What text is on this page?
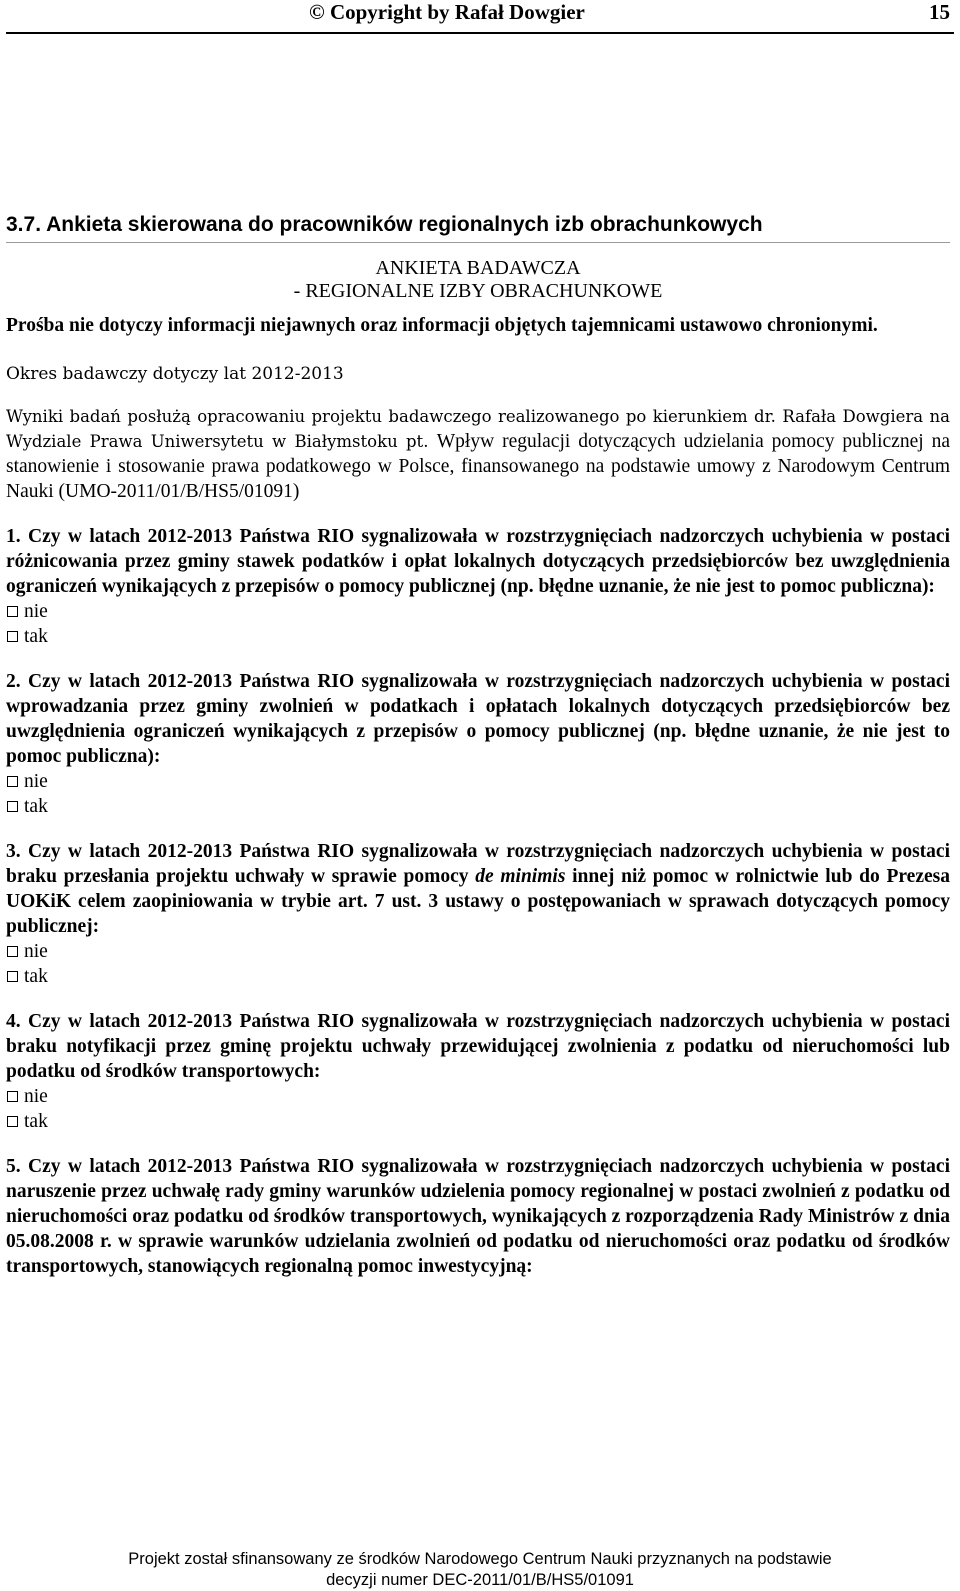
© Copyright by Rafał Dowgier	15
3.7. Ankieta skierowana do pracowników regionalnych izb obrachunkowych
ANKIETA BADAWCZA
- REGIONALNE IZBY OBRACHUNKOWE

Prośba nie dotyczy informacji niejawnych oraz informacji objętych tajemnicami ustawowo chronionymi.

Okres badawczy dotyczy lat 2012-2013

Wyniki badań posłużą opracowaniu projektu badawczego realizowanego po kierunkiem dr. Rafała Dowgiera na Wydziale Prawa Uniwersytetu w Białymstoku pt. Wpływ regulacji dotyczących udzielania pomocy publicznej na stanowienie i stosowanie prawa podatkowego w Polsce, finansowanego na podstawie umowy z Narodowym Centrum Nauki (UMO-2011/01/B/HS5/01091)

1. Czy w latach 2012-2013 Państwa RIO sygnalizowała w rozstrzygnięciach nadzorczych uchybienia w postaci różnicowania przez gminy stawek podatków i opłat lokalnych dotyczących przedsiębiorców bez uwzględnienia ograniczeń wynikających z przepisów o pomocy publicznej (np. błędne uznanie, że nie jest to pomoc publiczna):

nie
tak

2. Czy w latach 2012-2013 Państwa RIO sygnalizowała w rozstrzygnięciach nadzorczych uchybienia w postaci wprowadzania przez gminy zwolnień w podatkach i opłatach lokalnych dotyczących przedsiębiorców bez uwzględnienia ograniczeń wynikających z przepisów o pomocy publicznej (np. błędne uznanie, że nie jest to pomoc publiczna):

nie
tak

3. Czy w latach 2012-2013 Państwa RIO sygnalizowała w rozstrzygnięciach nadzorczych uchybienia w postaci braku przesłania projektu uchwały w sprawie pomocy de minimis innej niż pomoc w rolnictwie lub do Prezesa UOKiK celem zaopiniowania w trybie art. 7 ust. 3 ustawy o postępowaniach w sprawach dotyczących pomocy publicznej:

nie
tak

4. Czy w latach 2012-2013 Państwa RIO sygnalizowała w rozstrzygnięciach nadzorczych uchybienia w postaci braku notyfikacji przez gminę projektu uchwały przewidującej zwolnienia z podatku od nieruchomości lub podatku od środków transportowych:

nie
tak

5. Czy w latach 2012-2013 Państwa RIO sygnalizowała w rozstrzygnięciach nadzorczych uchybienia w postaci naruszenie przez uchwałę rady gminy warunków udzielenia pomocy regionalnej w postaci zwolnień z podatku od nieruchomości oraz podatku od środków transportowych, wynikających z rozporządzenia Rady Ministrów z dnia 05.08.2008 r. w sprawie warunków udzielania zwolnień od podatku od nieruchomości oraz podatku od środków transportowych, stanowiących regionalną pomoc inwestycyjną:

Projekt został sfinansowany ze środków Narodowego Centrum Nauki przyznanych na podstawie
decyzji numer DEC-2011/01/B/HS5/01091
